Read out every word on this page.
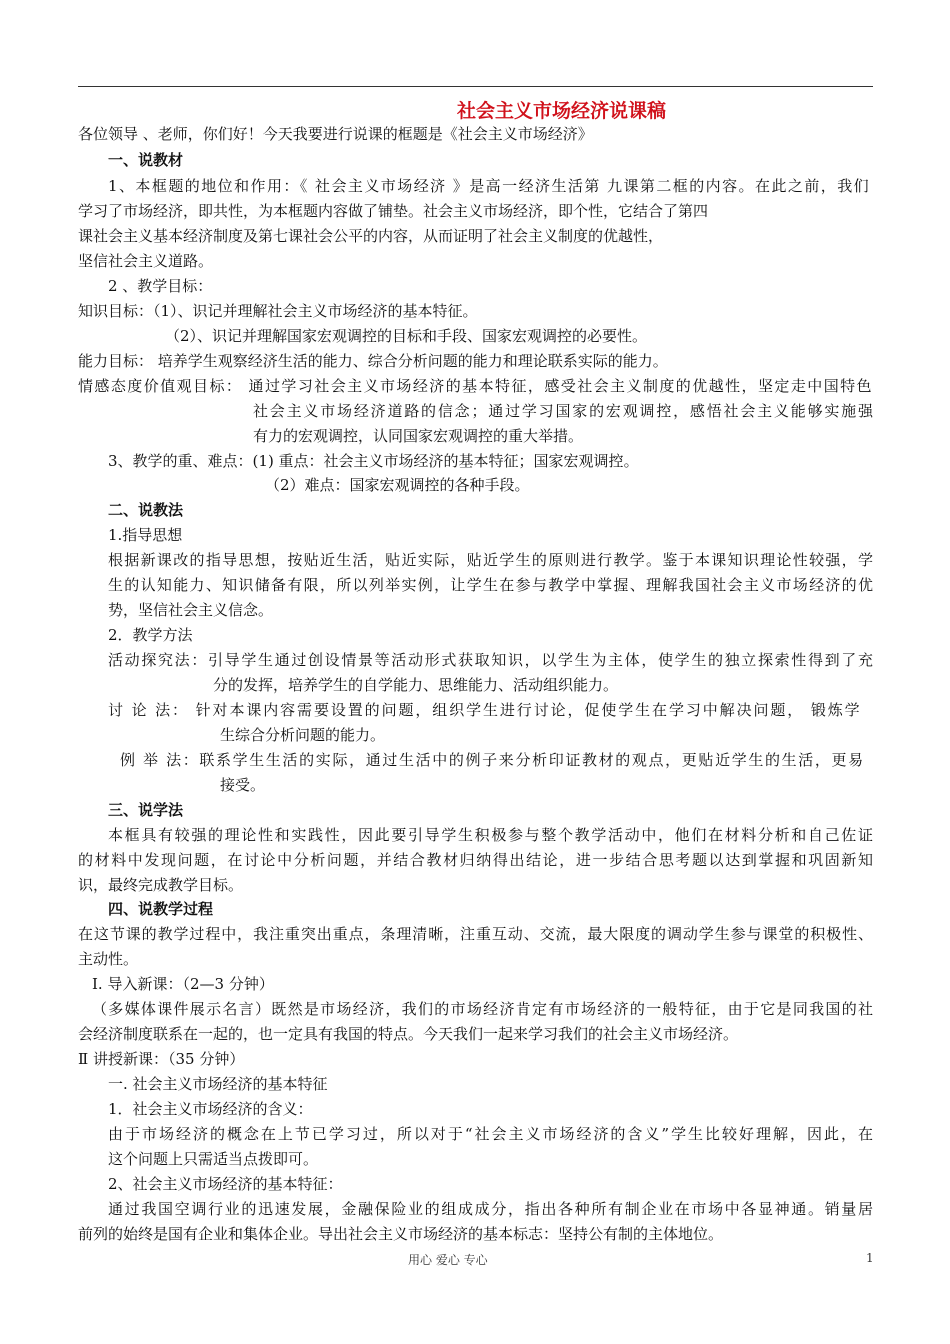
社会主义市场经济说课稿
各位领导 、老师，你们好！今天我要进行说课的框题是《社会主义市场经济》
一、说教材
1、本框题的地位和作用：《 社会主义市场经济 》是高一经济生活第 九课第二框的内容。在此之前，我们
学习了市场经济，即共性，为本框题内容做了铺垫。社会主义市场经济，即个性，它结合了第四
课社会主义基本经济制度及第七课社会公平的内容，从而证明了社会主义制度的优越性，
坚信社会主义道路。
2 、教学目标：
知识目标：（1）、识记并理解社会主义市场经济的基本特征。
（2）、识记并理解国家宏观调控的目标和手段、国家宏观调控的必要性。
能力目标： 培养学生观察经济生活的能力、综合分析问题的能力和理论联系实际的能力。
情感态度价值观目标： 通过学习社会主义市场经济的基本特征，感受社会主义制度的优越性，坚定走中国特色
社会主义市场经济道路的信念；通过学习国家的宏观调控，感悟社会主义能够实施强
有力的宏观调控，认同国家宏观调控的重大举措。
3、教学的重、难点：(1) 重点：社会主义市场经济的基本特征；国家宏观调控。
（2）难点：国家宏观调控的各种手段。
二、说教法
1.指导思想
根据新课改的指导思想，按贴近生活，贴近实际，贴近学生的原则进行教学。鉴于本课知识理论性较强，学
生的认知能力、知识储备有限，所以列举实例，让学生在参与教学中掌握、理解我国社会主义市场经济的优
势，坚信社会主义信念。
2．教学方法
活动探究法：引导学生通过创设情景等活动形式获取知识，以学生为主体，使学生的独立探索性得到了充
分的发挥，培养学生的自学能力、思维能力、活动组织能力。
讨 论 法： 针对本课内容需要设置的问题，组织学生进行讨论，促使学生在学习中解决问题， 锻炼学
生综合分析问题的能力。
例 举 法：联系学生生活的实际，通过生活中的例子来分析印证教材的观点，更贴近学生的生活，更易
接受。
三、说学法
本框具有较强的理论性和实践性，因此要引导学生积极参与整个教学活动中，他们在材料分析和自己佐证
的材料中发现问题，在讨论中分析问题，并结合教材归纳得出结论，进一步结合思考题以达到掌握和巩固新知
识，最终完成教学目标。
四、说教学过程
在这节课的教学过程中，我注重突出重点，条理清晰，注重互动、交流，最大限度的调动学生参与课堂的积极性、
主动性。
Ⅰ. 导入新课：（2—3 分钟）
（多媒体课件展示名言）既然是市场经济，我们的市场经济肯定有市场经济的一般特征，由于它是同我国的社
会经济制度联系在一起的，也一定具有我国的特点。今天我们一起来学习我们的社会主义市场经济。
Ⅱ 讲授新课：（35 分钟）
一. 社会主义市场经济的基本特征
1．社会主义市场经济的含义：
由于市场经济的概念在上节已学习过，所以对于“社会主义市场经济的含义”学生比较好理解，因此，在
这个问题上只需适当点拨即可。
2、社会主义市场经济的基本特征：
通过我国空调行业的迅速发展，金融保险业的组成成分，指出各种所有制企业在市场中各显神通。销量居
前列的始终是国有企业和集体企业。导出社会主义市场经济的基本标志：坚持公有制的主体地位。
用心 爱心 专心	1
